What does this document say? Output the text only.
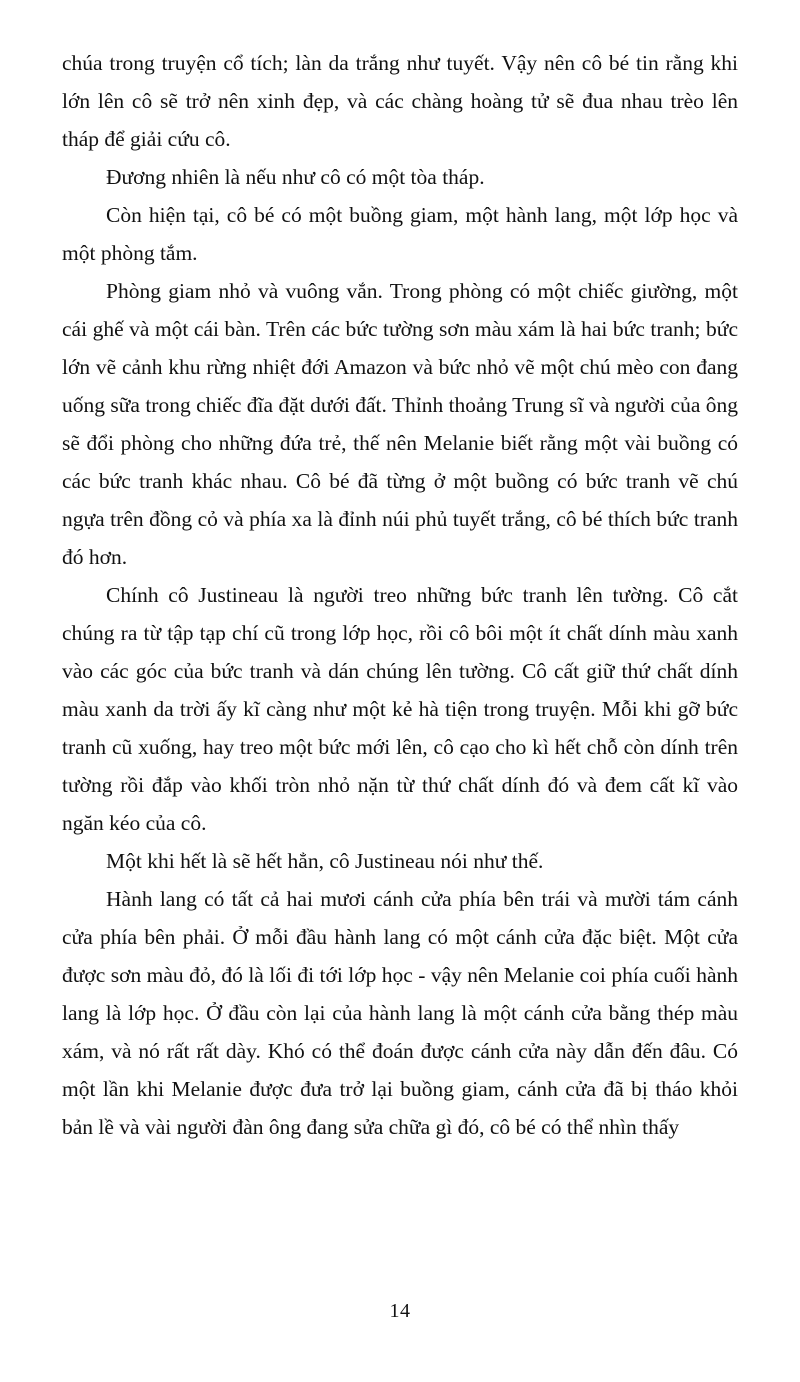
chúa trong truyện cổ tích; làn da trắng như tuyết. Vậy nên cô bé tin rằng khi lớn lên cô sẽ trở nên xinh đẹp, và các chàng hoàng tử sẽ đua nhau trèo lên tháp để giải cứu cô.

Đương nhiên là nếu như cô có một tòa tháp.

Còn hiện tại, cô bé có một buồng giam, một hành lang, một lớp học và một phòng tắm.

Phòng giam nhỏ và vuông vắn. Trong phòng có một chiếc giường, một cái ghế và một cái bàn. Trên các bức tường sơn màu xám là hai bức tranh; bức lớn vẽ cảnh khu rừng nhiệt đới Amazon và bức nhỏ vẽ một chú mèo con đang uống sữa trong chiếc đĩa đặt dưới đất. Thỉnh thoảng Trung sĩ và người của ông sẽ đổi phòng cho những đứa trẻ, thế nên Melanie biết rằng một vài buồng có các bức tranh khác nhau. Cô bé đã từng ở một buồng có bức tranh vẽ chú ngựa trên đồng cỏ và phía xa là đỉnh núi phủ tuyết trắng, cô bé thích bức tranh đó hơn.

Chính cô Justineau là người treo những bức tranh lên tường. Cô cắt chúng ra từ tập tạp chí cũ trong lớp học, rồi cô bôi một ít chất dính màu xanh vào các góc của bức tranh và dán chúng lên tường. Cô cất giữ thứ chất dính màu xanh da trời ấy kĩ càng như một kẻ hà tiện trong truyện. Mỗi khi gỡ bức tranh cũ xuống, hay treo một bức mới lên, cô cạo cho kì hết chỗ còn dính trên tường rồi đắp vào khối tròn nhỏ nặn từ thứ chất dính đó và đem cất kĩ vào ngăn kéo của cô.

Một khi hết là sẽ hết hẳn, cô Justineau nói như thế.

Hành lang có tất cả hai mươi cánh cửa phía bên trái và mười tám cánh cửa phía bên phải. Ở mỗi đầu hành lang có một cánh cửa đặc biệt. Một cửa được sơn màu đỏ, đó là lối đi tới lớp học - vậy nên Melanie coi phía cuối hành lang là lớp học. Ở đầu còn lại của hành lang là một cánh cửa bằng thép màu xám, và nó rất rất dày. Khó có thể đoán được cánh cửa này dẫn đến đâu. Có một lần khi Melanie được đưa trở lại buồng giam, cánh cửa đã bị tháo khỏi bản lề và vài người đàn ông đang sửa chữa gì đó, cô bé có thể nhìn thấy

14
